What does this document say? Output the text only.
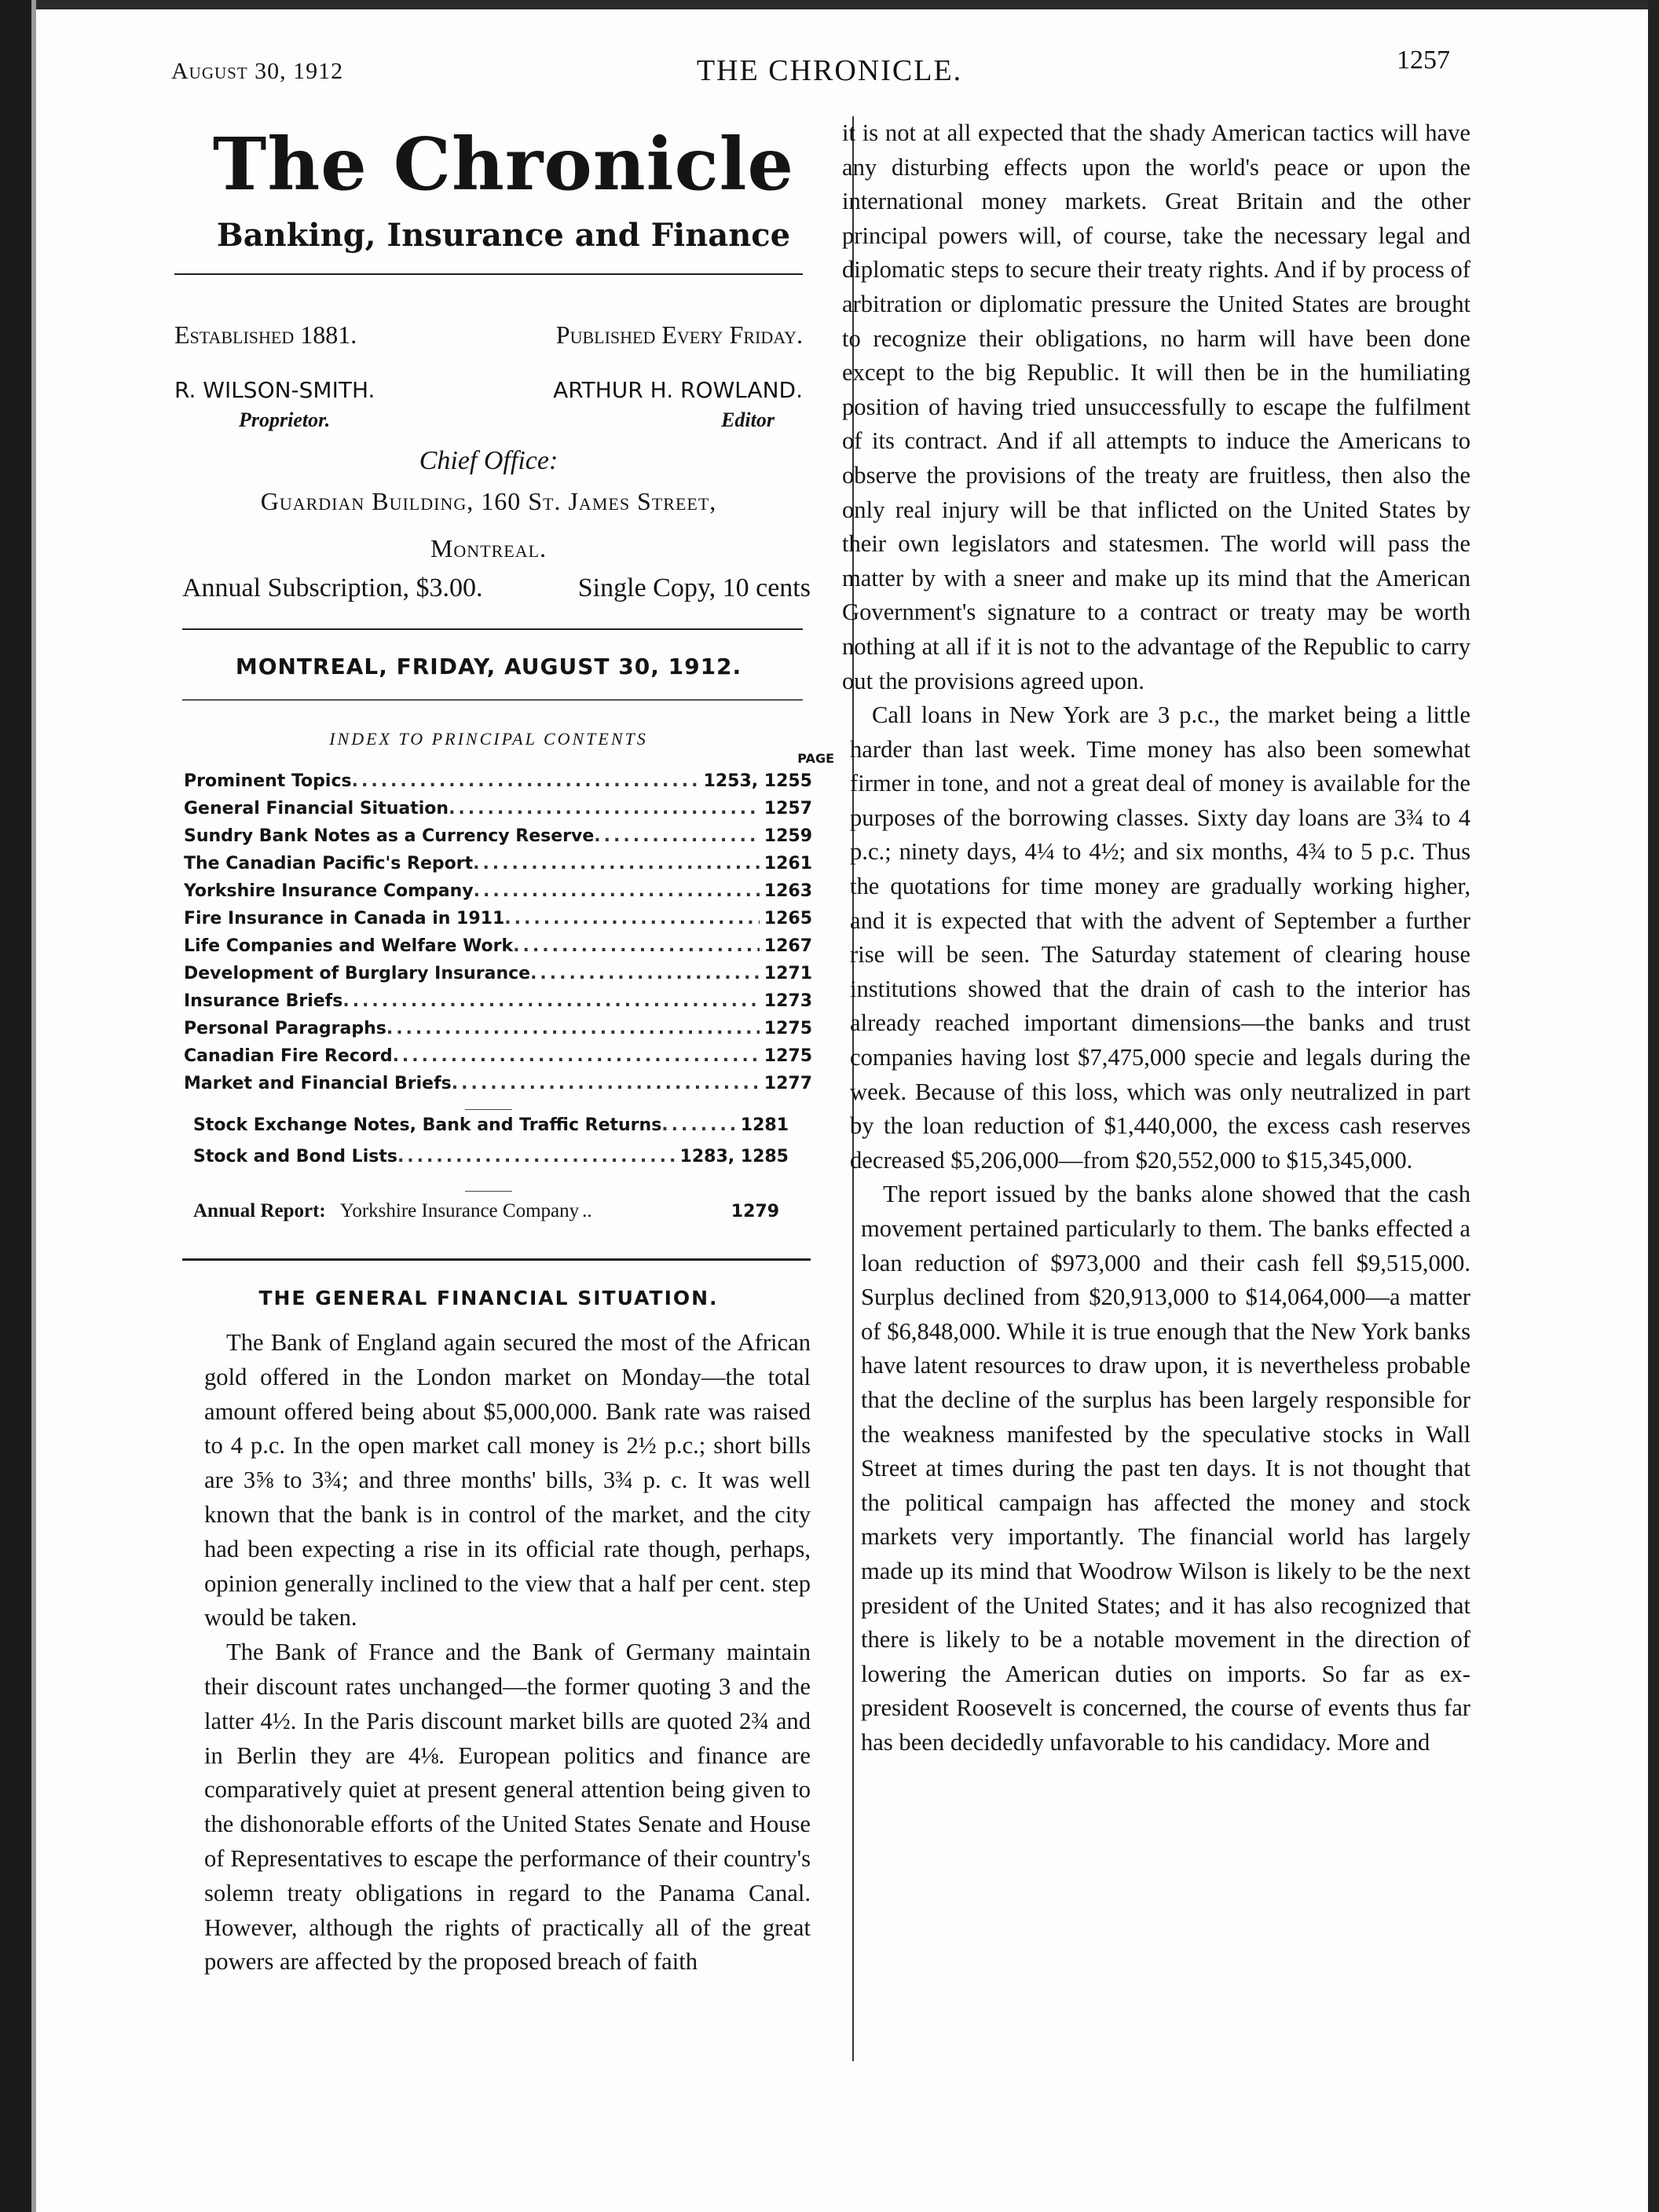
August 30, 1912	THE CHRONICLE.	1257
The Chronicle
Banking, Insurance and Finance
Established 1881.	Published Every Friday.
R. WILSON-SMITH.
Proprietor.
ARTHUR H. ROWLAND.
Editor
Chief Office:
Guardian Building, 160 St. James Street,
Montreal.
Annual Subscription, $3.00.	Single Copy, 10 cents
MONTREAL, FRIDAY, AUGUST 30, 1912.
INDEX TO PRINCIPAL CONTENTS
PAGE
Prominent Topics .....	1253, 1255
General Financial Situation .....	1257
Sundry Bank Notes as a Currency Reserve .....	1259
The Canadian Pacific's Report .....	1261
Yorkshire Insurance Company .....	1263
Fire Insurance in Canada in 1911 .....	1265
Life Companies and Welfare Work .....	1267
Development of Burglary Insurance .....	1271
Insurance Briefs .....	1273
Personal Paragraphs .....	1275
Canadian Fire Record .....	1275
Market and Financial Briefs .....	1277
Stock Exchange Notes, Bank and Traffic Returns .....	1281
Stock and Bond Lists .....	1283, 1285
Annual Report: Yorkshire Insurance Company ..	1279
THE GENERAL FINANCIAL SITUATION.

The Bank of England again secured the most of the African gold offered in the London market on Monday—the total amount offered being about $5,000,000. Bank rate was raised to 4 p.c. In the open market call money is 2½ p.c.; short bills are 3⅝ to 3¾; and three months' bills, 3¾ p. c. It was well known that the bank is in control of the market, and the city had been expecting a rise in its official rate though, perhaps, opinion generally inclined to the view that a half per cent. step would be taken.

The Bank of France and the Bank of Germany maintain their discount rates unchanged—the former quoting 3 and the latter 4½. In the Paris discount market bills are quoted 2¾ and in Berlin they are 4⅛. European politics and finance are comparatively quiet at present general attention being given to the dishonorable efforts of the United States Senate and House of Representatives to escape the performance of their country's solemn treaty obligations in regard to the Panama Canal. However, although the rights of practically all of the great powers are affected by the proposed breach of faith

it is not at all expected that the shady American tactics will have any disturbing effects upon the world's peace or upon the international money markets. Great Britain and the other principal powers will, of course, take the necessary legal and diplomatic steps to secure their treaty rights. And if by process of arbitration or diplomatic pressure the United States are brought to recognize their obligations, no harm will have been done except to the big Republic. It will then be in the humiliating position of having tried unsuccessfully to escape the fulfilment of its contract. And if all attempts to induce the Americans to observe the provisions of the treaty are fruitless, then also the only real injury will be that inflicted on the United States by their own legislators and statesmen. The world will pass the matter by with a sneer and make up its mind that the American Government's signature to a contract or treaty may be worth nothing at all if it is not to the advantage of the Republic to carry out the provisions agreed upon.

Call loans in New York are 3 p.c., the market being a little harder than last week. Time money has also been somewhat firmer in tone, and not a great deal of money is available for the purposes of the borrowing classes. Sixty day loans are 3¾ to 4 p.c.; ninety days, 4¼ to 4½; and six months, 4¾ to 5 p.c. Thus the quotations for time money are gradually working higher, and it is expected that with the advent of September a further rise will be seen. The Saturday statement of clearing house institutions showed that the drain of cash to the interior has already reached important dimensions—the banks and trust companies having lost $7,475,000 specie and legals during the week. Because of this loss, which was only neutralized in part by the loan reduction of $1,440,000, the excess cash reserves decreased $5,206,000—from $20,552,000 to $15,345,000.

The report issued by the banks alone showed that the cash movement pertained particularly to them. The banks effected a loan reduction of $973,000 and their cash fell $9,515,000. Surplus declined from $20,913,000 to $14,064,000—a matter of $6,848,000. While it is true enough that the New York banks have latent resources to draw upon, it is nevertheless probable that the decline of the surplus has been largely responsible for the weakness manifested by the speculative stocks in Wall Street at times during the past ten days. It is not thought that the political campaign has affected the money and stock markets very importantly. The financial world has largely made up its mind that Woodrow Wilson is likely to be the next president of the United States; and it has also recognized that there is likely to be a notable movement in the direction of lowering the American duties on imports. So far as ex-president Roosevelt is concerned, the course of events thus far has been decidedly unfavorable to his candidacy. More and
